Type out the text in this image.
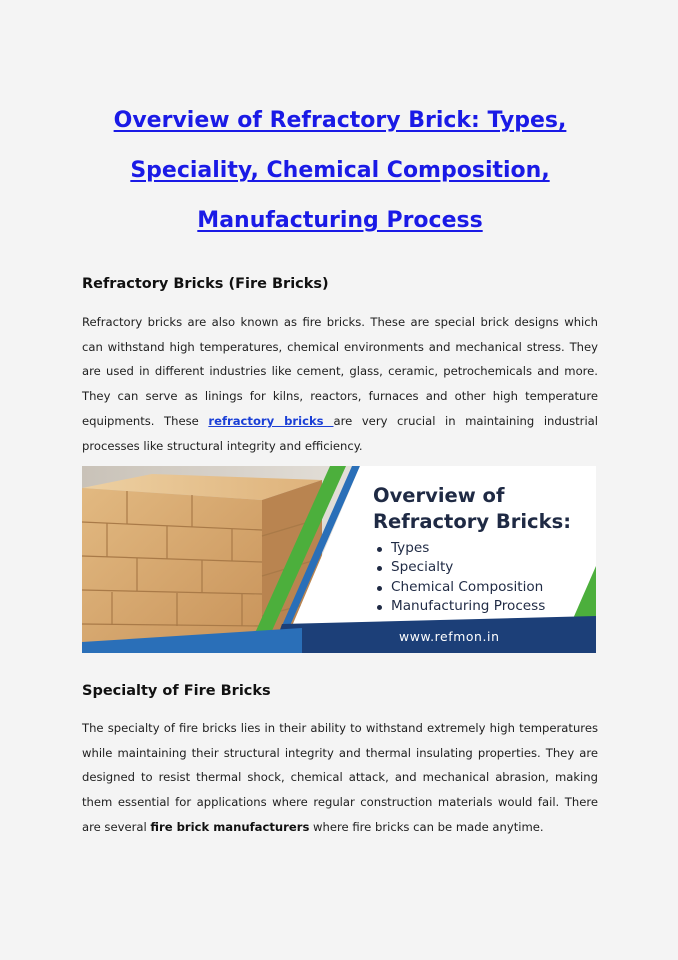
Overview of Refractory Brick: Types,
Speciality, Chemical Composition,
Manufacturing Process
Refractory Bricks (Fire Bricks)
Refractory bricks are also known as fire bricks. These are special brick designs which can withstand high temperatures, chemical environments and mechanical stress. They are used in different industries like cement, glass, ceramic, petrochemicals and more. They can serve as linings for kilns, reactors, furnaces and other high temperature equipments. These refractory bricks are very crucial in maintaining industrial processes like structural integrity and efficiency.
Overview of
Refractory Bricks:
Types
Specialty
Chemical Composition
Manufacturing Process
www.refmon.in
Specialty of Fire Bricks
The specialty of fire bricks lies in their ability to withstand extremely high temperatures while maintaining their structural integrity and thermal insulating properties. They are designed to resist thermal shock, chemical attack, and mechanical abrasion, making them essential for applications where regular construction materials would fail. There are several fire brick manufacturers where fire bricks can be made anytime.
